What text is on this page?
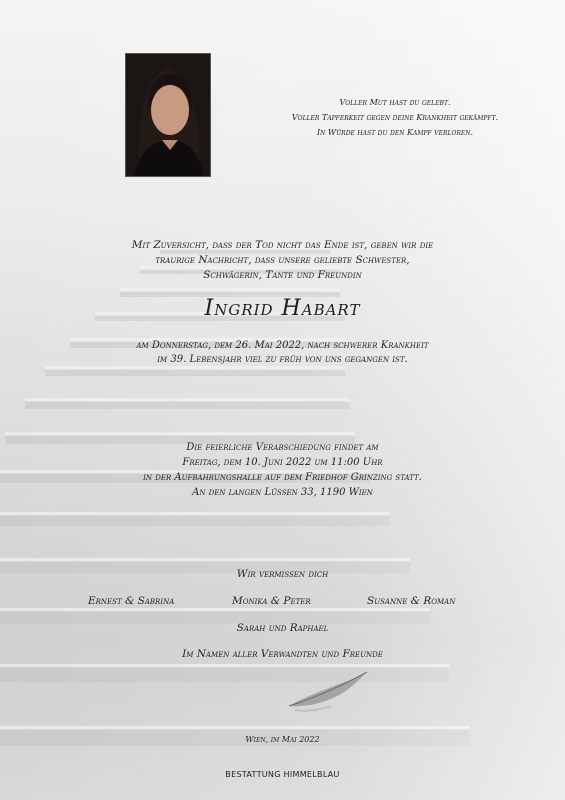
Voller Mut hast du gelebt.
Voller Tapferkeit gegen deine Krankheit gekämpft.
In Würde hast du den Kampf verloren.
Mit Zuversicht, dass der Tod nicht das Ende ist, geben wir die
traurige Nachricht, dass unsere geliebte Schwester,
Schwägerin, Tante und Freundin
Ingrid Habart
am Donnerstag, dem 26. Mai 2022, nach schwerer Krankheit
im 39. Lebensjahr viel zu früh von uns gegangen ist.
Die feierliche Verabschiedung findet am
Freitag, dem 10. Juni 2022 um 11:00 Uhr
in der Aufbahrungshalle auf dem Friedhof Grinzing statt.
An den langen Lüssen 33, 1190 Wien
Wir vermissen dich
Ernest & Sabrina	Monika & Peter	Susanne & Roman
Sarah und Raphael
Im Namen aller Verwandten und Freunde
Wien, im Mai 2022
BESTATTUNG HIMMELBLAU
